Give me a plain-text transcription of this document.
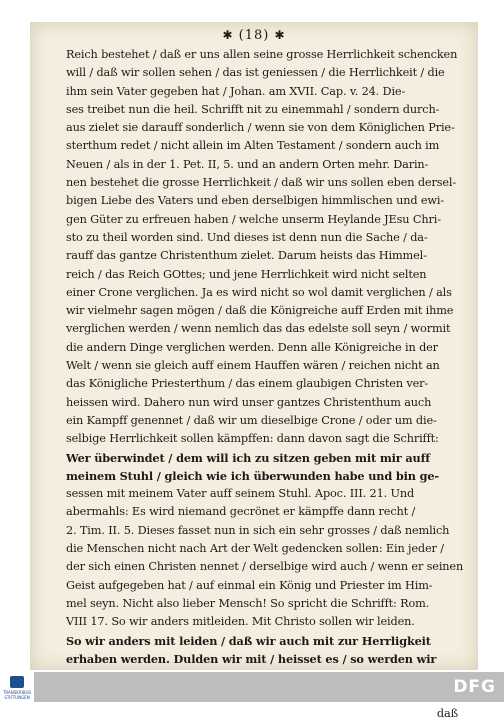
✱ (18) ✱
Reich bestehet / daß er uns allen seine grosse Herrlichkeit schencken
will / daß wir sollen sehen / das ist geniessen / die Herrlichkeit / die
ihm sein Vater gegeben hat / Johan. am XVII. Cap. v. 24. Die-
ses treibet nun die heil. Schrifft nit zu einemmahl / sondern durch-
aus zielet sie darauff sonderlich / wenn sie von dem Königlichen Prie-
sterthum redet / nicht allein im Alten Testament / sondern auch im
Neuen / als in der 1. Pet. II, 5. und an andern Orten mehr. Darin-
nen bestehet die grosse Herrlichkeit / daß wir uns sollen eben dersel-
bigen Liebe des Vaters und eben derselbigen himmlischen und ewi-
gen Güter zu erfreuen haben / welche unserm Heylande JEsu Chri-
sto zu theil worden sind. Und dieses ist denn nun die Sache / da-
rauff das gantze Christenthum zielet. Darum heists das Himmel-
reich / das Reich GOttes; und jene Herrlichkeit wird nicht selten
einer Crone verglichen. Ja es wird nicht so wol damit verglichen / als
wir vielmehr sagen mögen / daß die Königreiche auff Erden mit ihme
verglichen werden / wenn nemlich das das edelste soll seyn / wormit
die andern Dinge verglichen werden. Denn alle Königreiche in der
Welt / wenn sie gleich auff einem Hauffen wären / reichen nicht an
das Königliche Priesterthum / das einem glaubigen Christen ver-
heissen wird. Dahero nun wird unser gantzes Christenthum auch
ein Kampff genennet / daß wir um dieselbige Crone / oder um die-
selbige Herrlichkeit sollen kämpffen: dann davon sagt die Schrifft:
Wer überwindet / dem will ich zu sitzen geben mit mir auff
meinem Stuhl / gleich wie ich überwunden habe und bin ge-
sessen mit meinem Vater auff seinem Stuhl. Apoc. III. 21. Und
abermahls: Es wird niemand gecrönet er kämpffe dann recht /
2. Tim. II. 5. Dieses fasset nun in sich ein sehr grosses / daß nemlich
die Menschen nicht nach Art der Welt gedencken sollen: Ein jeder /
der sich einen Christen nennet / derselbige wird auch / wenn er seinen
Geist aufgegeben hat / auf einmal ein König und Priester im Him-
mel seyn. Nicht also lieber Mensch! So spricht die Schrifft: Rom.
VIII 17. So wir anders mitleiden. Mit Christo sollen wir leiden.
So wir anders mit leiden / daß wir auch mit zur Herrligkeit
erhaben werden. Dulden wir mit / heisset es / so werden wir
daß
TRANSKRIBUS STIFTUNGEN
DFG
